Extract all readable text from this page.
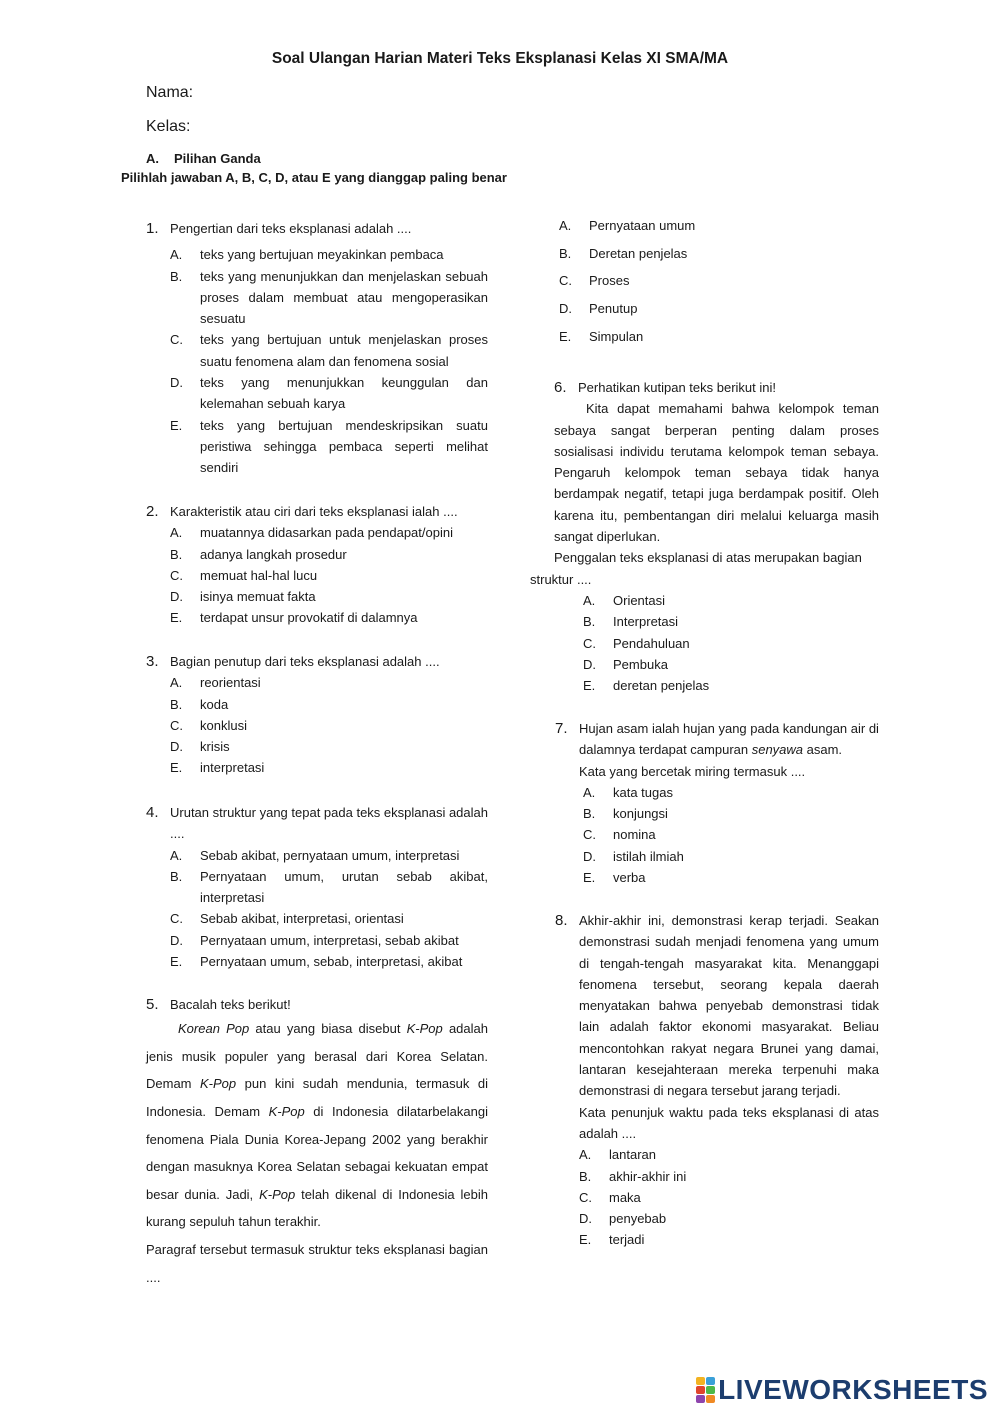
Soal Ulangan Harian Materi Teks Eksplanasi Kelas XI SMA/MA
Nama:
Kelas:
A. Pilihan Ganda
Pilihlah jawaban A, B, C, D, atau E yang dianggap paling benar
1. Pengertian dari teks eksplanasi adalah ....
A. teks yang bertujuan meyakinkan pembaca
B. teks yang menunjukkan dan menjelaskan sebuah proses dalam membuat atau mengoperasikan sesuatu
C. teks yang bertujuan untuk menjelaskan proses suatu fenomena alam dan fenomena sosial
D. teks yang menunjukkan keunggulan dan kelemahan sebuah karya
E. teks yang bertujuan mendeskripsikan suatu peristiwa sehingga pembaca seperti melihat sendiri
2. Karakteristik atau ciri dari teks eksplanasi ialah ....
A. muatannya didasarkan pada pendapat/opini
B. adanya langkah prosedur
C. memuat hal-hal lucu
D. isinya memuat fakta
E. terdapat unsur provokatif di dalamnya
3. Bagian penutup dari teks eksplanasi adalah ....
A. reorientasi
B. koda
C. konklusi
D. krisis
E. interpretasi
4. Urutan struktur yang tepat pada teks eksplanasi adalah ....
A. Sebab akibat, pernyataan umum, interpretasi
B. Pernyataan umum, urutan sebab akibat, interpretasi
C. Sebab akibat, interpretasi, orientasi
D. Pernyataan umum, interpretasi, sebab akibat
E. Pernyataan umum, sebab, interpretasi, akibat
5. Bacalah teks berikut!
Korean Pop atau yang biasa disebut K-Pop adalah jenis musik populer yang berasal dari Korea Selatan. Demam K-Pop pun kini sudah mendunia, termasuk di Indonesia. Demam K-Pop di Indonesia dilatarbelakangi fenomena Piala Dunia Korea-Jepang 2002 yang berakhir dengan masuknya Korea Selatan sebagai kekuatan empat besar dunia. Jadi, K-Pop telah dikenal di Indonesia lebih kurang sepuluh tahun terakhir.
Paragraf tersebut termasuk struktur teks eksplanasi bagian ....
A. Pernyataan umum
B. Deretan penjelas
C. Proses
D. Penutup
E. Simpulan
6. Perhatikan kutipan teks berikut ini!
Kita dapat memahami bahwa kelompok teman sebaya sangat berperan penting dalam proses sosialisasi individu terutama kelompok teman sebaya. Pengaruh kelompok teman sebaya tidak hanya berdampak negatif, tetapi juga berdampak positif. Oleh karena itu, pembentangan diri melalui keluarga masih sangat diperlukan.
Penggalan teks eksplanasi di atas merupakan bagian
struktur ....
A. Orientasi
B. Interpretasi
C. Pendahuluan
D. Pembuka
E. deretan penjelas
7. Hujan asam ialah hujan yang pada kandungan air di dalamnya terdapat campuran senyawa asam.
Kata yang bercetak miring termasuk ....
A. kata tugas
B. konjungsi
C. nomina
D. istilah ilmiah
E. verba
8. Akhir-akhir ini, demonstrasi kerap terjadi. Seakan demonstrasi sudah menjadi fenomena yang umum di tengah-tengah masyarakat kita. Menanggapi fenomena tersebut, seorang kepala daerah menyatakan bahwa penyebab demonstrasi tidak lain adalah faktor ekonomi masyarakat. Beliau mencontohkan rakyat negara Brunei yang damai, lantaran kesejahteraan mereka terpenuhi maka demonstrasi di negara tersebut jarang terjadi.
Kata penunjuk waktu pada teks eksplanasi di atas adalah ....
A. lantaran
B. akhir-akhir ini
C. maka
D. penyebab
E. terjadi
LIVEWORKSHEETS
